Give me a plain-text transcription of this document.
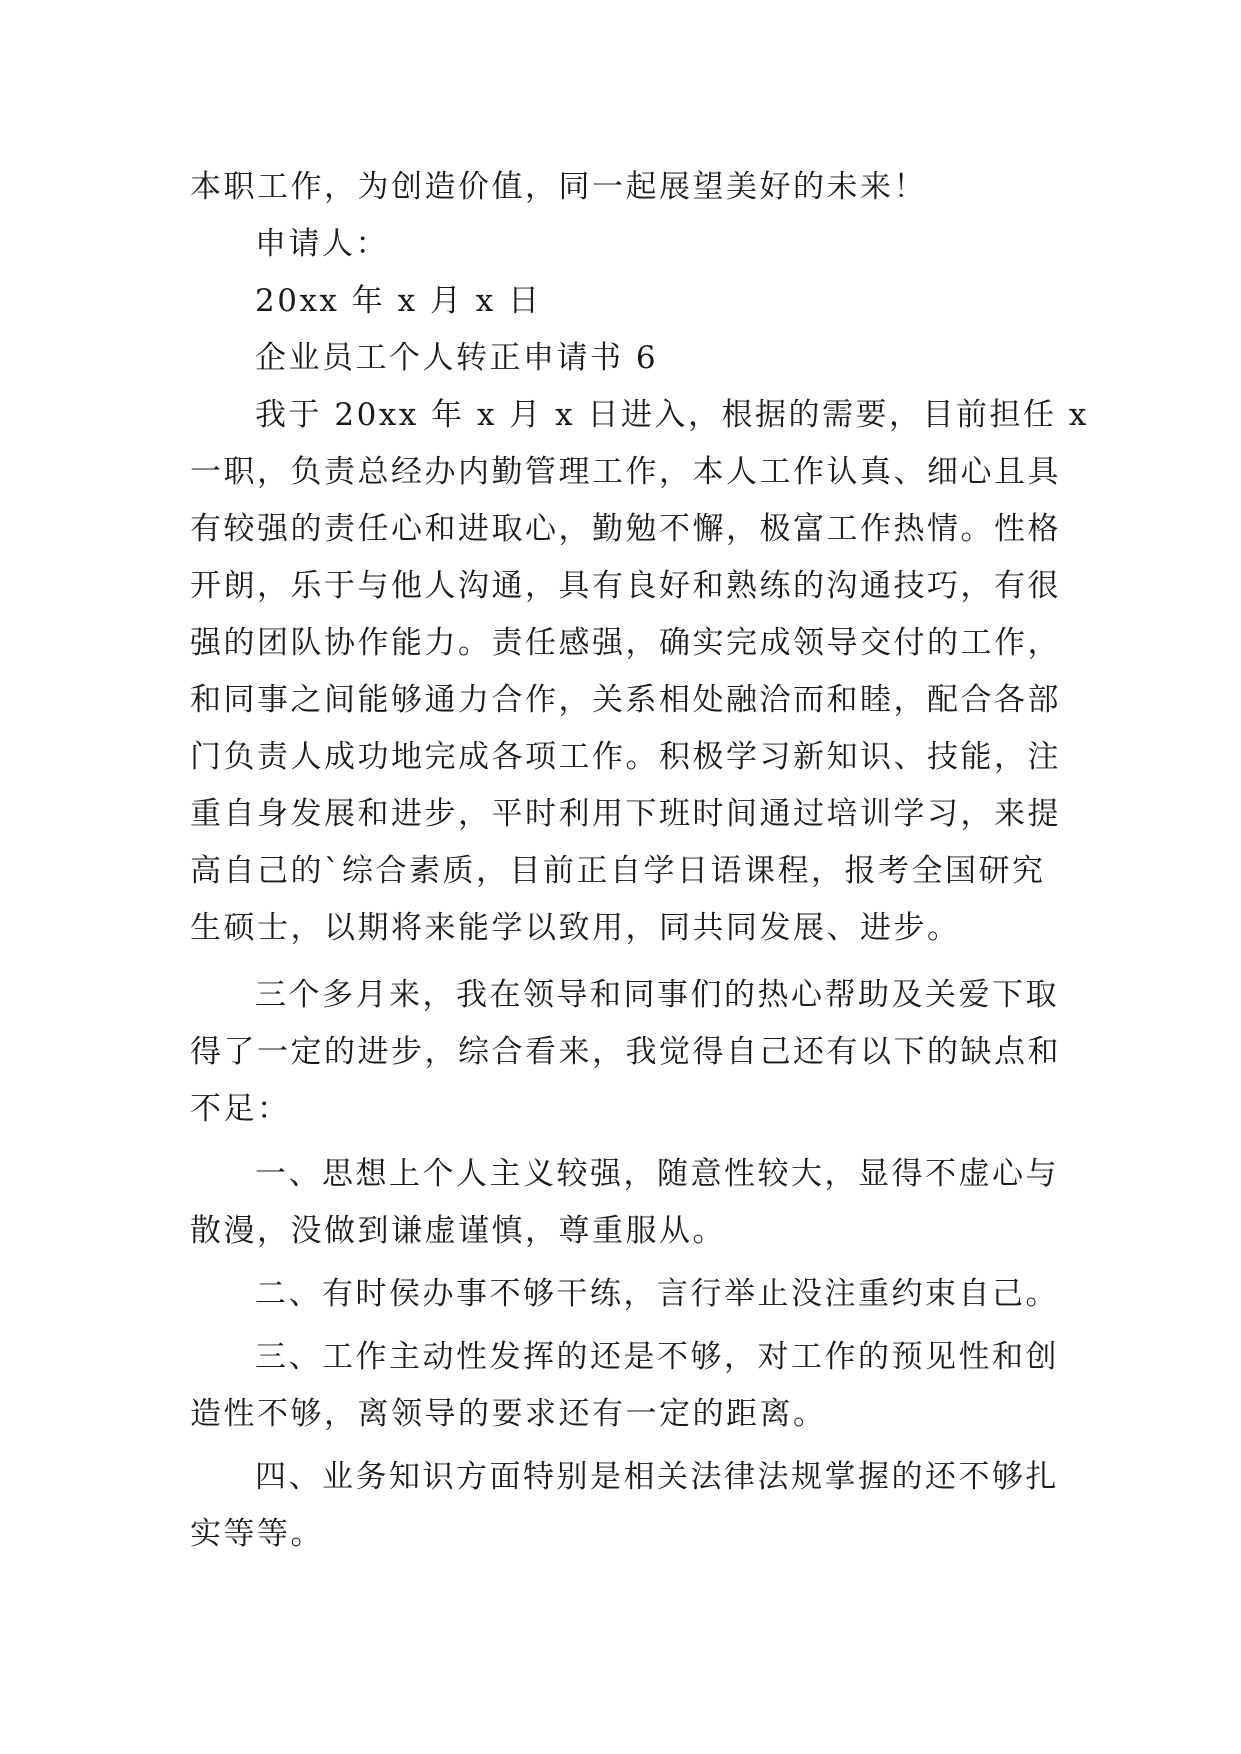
本职工作，为创造价值，同一起展望美好的未来！
申请人：
20xx 年 x 月 x 日
企业员工个人转正申请书 6
我于 20xx 年 x 月 x 日进入，根据的需要，目前担任 x
一职，负责总经办内勤管理工作，本人工作认真、细心且具
有较强的责任心和进取心，勤勉不懈，极富工作热情。性格
开朗，乐于与他人沟通，具有良好和熟练的沟通技巧，有很
强的团队协作能力。责任感强，确实完成领导交付的工作，
和同事之间能够通力合作，关系相处融洽而和睦，配合各部
门负责人成功地完成各项工作。积极学习新知识、技能，注
重自身发展和进步，平时利用下班时间通过培训学习，来提
高自己的`综合素质，目前正自学日语课程，报考全国研究
生硕士，以期将来能学以致用，同共同发展、进步。
三个多月来，我在领导和同事们的热心帮助及关爱下取
得了一定的进步，综合看来，我觉得自己还有以下的缺点和
不足：
一、思想上个人主义较强，随意性较大，显得不虚心与
散漫，没做到谦虚谨慎，尊重服从。
二、有时侯办事不够干练，言行举止没注重约束自己。
三、工作主动性发挥的还是不够，对工作的预见性和创
造性不够，离领导的要求还有一定的距离。
四、业务知识方面特别是相关法律法规掌握的还不够扎
实等等。
